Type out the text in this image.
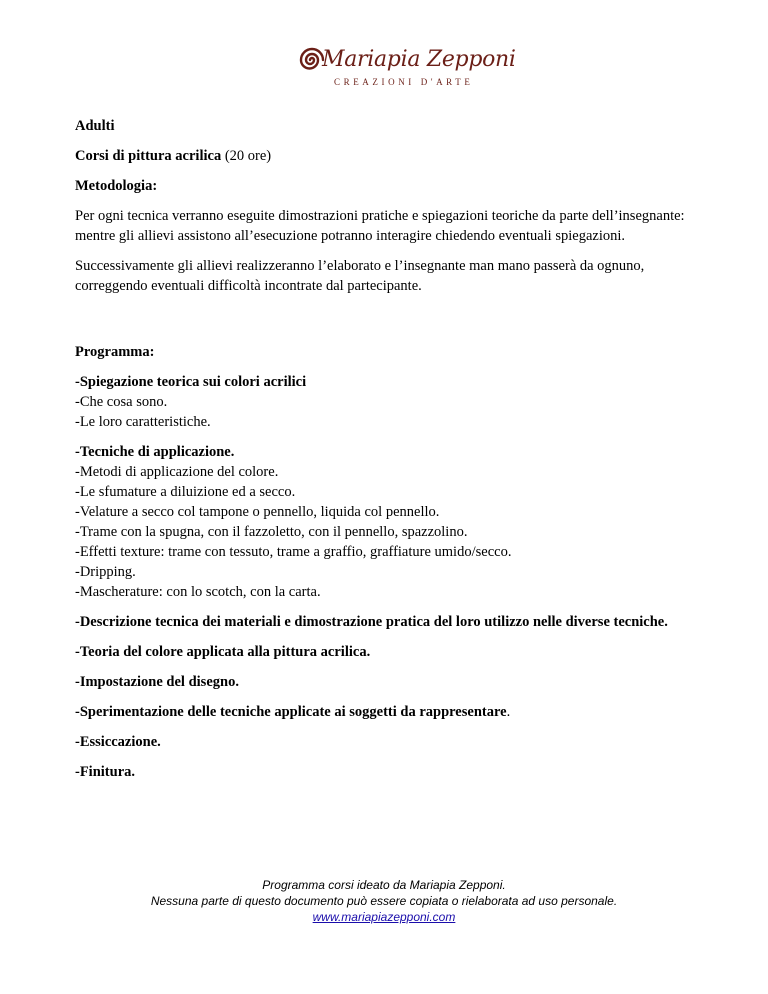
Mariapia Zepponi
CREAZIONI D'ARTE

Adulti

Corsi di pittura acrilica (20 ore)

Metodologia:

Per ogni tecnica verranno eseguite dimostrazioni pratiche e spiegazioni teoriche da parte dell’insegnante: mentre gli allievi assistono all’esecuzione potranno interagire chiedendo eventuali spiegazioni.

Successivamente gli allievi realizzeranno l’elaborato e l’insegnante man mano passerà da ognuno, correggendo eventuali difficoltà incontrate dal partecipante.

Programma:

-Spiegazione teorica sui colori acrilici

-Che cosa sono.

-Le loro caratteristiche.

-Tecniche di applicazione.

-Metodi di applicazione del colore.

-Le sfumature a diluizione ed a secco.

-Velature a secco col tampone o pennello, liquida col pennello.

-Trame con la spugna, con il fazzoletto, con il pennello, spazzolino.

-Effetti texture: trame con tessuto, trame a graffio, graffiature umido/secco.

-Dripping.

-Mascherature: con lo scotch, con la carta.

-Descrizione tecnica dei materiali e dimostrazione pratica del loro utilizzo nelle diverse tecniche.

-Teoria del colore applicata alla pittura acrilica.

-Impostazione del disegno.

-Sperimentazione delle tecniche applicate ai soggetti da rappresentare.

-Essiccazione.

-Finitura.

Programma corsi ideato da Mariapia Zepponi.
Nessuna parte di questo documento può essere copiata o rielaborata ad uso personale.
www.mariapiazepponi.com
